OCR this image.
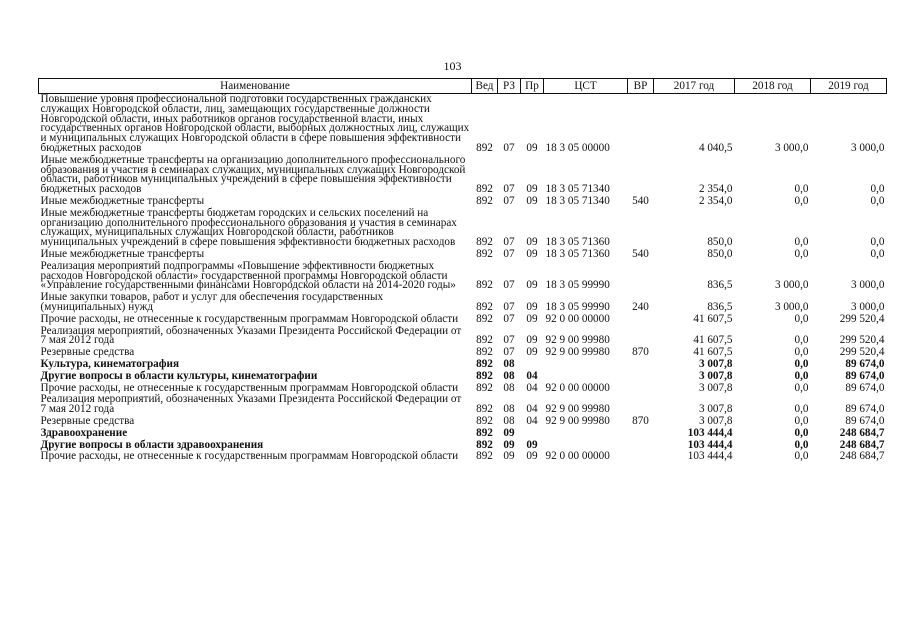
103
Наименование	Вед	РЗ	Пр	ЦСТ	ВР	2017 год	2018 год	2019 год
Повышение уровня профессиональной подготовки государственных гражданских служащих Новгородской области, лиц, замещающих государственные должности Новгородской области, иных работников органов государственной власти, иных государственных органов Новгородской области, выборных должностных лиц, служащих и муниципальных служащих Новгородской области в сфере повышения эффективности бюджетных расходов	892	07	09	18 3 05 00000		4 040,5	3 000,0	3 000,0
Иные межбюджетные трансферты на организацию дополнительного профессионального образования и участия в семинарах служащих, муниципальных служащих Новгородской области, работников муниципальных учреждений в сфере повышения эффективности бюджетных расходов	892	07	09	18 3 05 71340		2 354,0	0,0	0,0
Иные межбюджетные трансферты	892	07	09	18 3 05 71340	540	2 354,0	0,0	0,0
Иные межбюджетные трансферты бюджетам городских и сельских поселений на организацию дополнительного профессионального образования и участия в семинарах служащих, муниципальных служащих Новгородской области, работников муниципальных учреждений в сфере повышения эффективности бюджетных расходов	892	07	09	18 3 05 71360		850,0	0,0	0,0
Иные межбюджетные трансферты	892	07	09	18 3 05 71360	540	850,0	0,0	0,0
Реализация мероприятий подпрограммы «Повышение эффективности бюджетных расходов Новгородской области» государственной программы Новгородской области «Управление государственными финансами Новгородской области на 2014-2020 годы»	892	07	09	18 3 05 99990		836,5	3 000,0	3 000,0
Иные закупки товаров, работ и услуг для обеспечения государственных (муниципальных) нужд	892	07	09	18 3 05 99990	240	836,5	3 000,0	3 000,0
Прочие расходы, не отнесенные к государственным программам Новгородской области	892	07	09	92 0 00 00000		41 607,5	0,0	299 520,4
Реализация мероприятий, обозначенных Указами Президента Российской Федерации от 7 мая 2012 года	892	07	09	92 9 00 99980		41 607,5	0,0	299 520,4
Резервные средства	892	07	09	92 9 00 99980	870	41 607,5	0,0	299 520,4
Культура, кинематография	892	08				3 007,8	0,0	89 674,0
Другие вопросы в области культуры, кинематографии	892	08	04			3 007,8	0,0	89 674,0
Прочие расходы, не отнесенные к государственным программам Новгородской области	892	08	04	92 0 00 00000		3 007,8	0,0	89 674,0
Реализация мероприятий, обозначенных Указами Президента Российской Федерации от 7 мая 2012 года	892	08	04	92 9 00 99980		3 007,8	0,0	89 674,0
Резервные средства	892	08	04	92 9 00 99980	870	3 007,8	0,0	89 674,0
Здравоохранение	892	09				103 444,4	0,0	248 684,7
Другие вопросы в области здравоохранения	892	09	09			103 444,4	0,0	248 684,7
Прочие расходы, не отнесенные к государственным программам Новгородской области	892	09	09	92 0 00 00000		103 444,4	0,0	248 684,7
